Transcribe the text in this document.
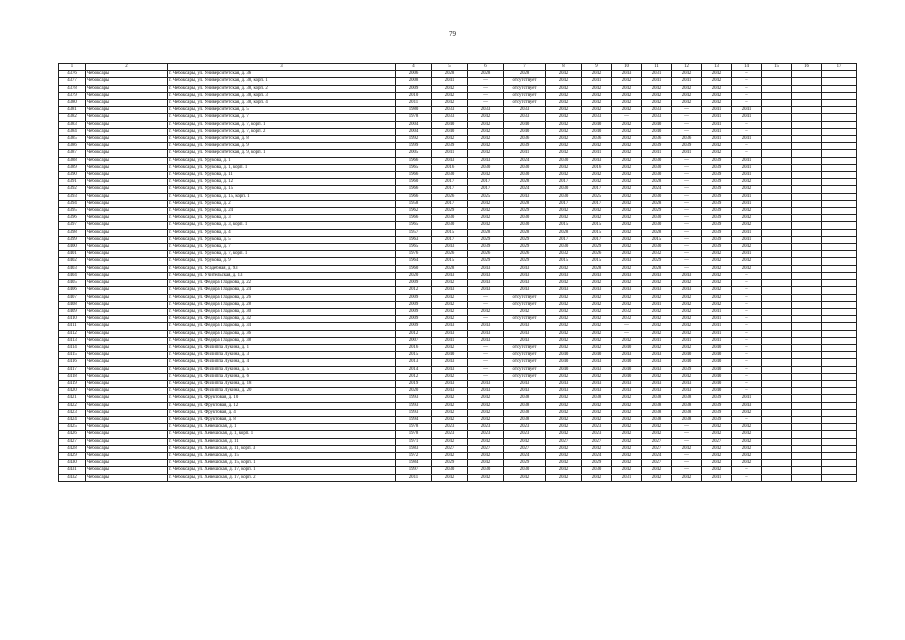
79
1	2	3	4	5	6	7	8	9	10	11	12	13	14	15	16	17
4376	Чебоксары	г. Чебоксары, ул. Университетская, д. 36	2006	2028	2028	2028	2042	2042	2043	2031	2042	2042	–			
4377	Чебоксары	г. Чебоксары, ул. Университетская, д. 38, корп. 1	2008	2041	—	отсутствует	2042	2041	2042	2041	2041	2042	–			
4378	Чебоксары	г. Чебоксары, ул. Университетская, д. 38, корп. 2	2009	2042	—	отсутствует	2042	2042	2042	2042	2042	2042	–			
4379	Чебоксары	г. Чебоксары, ул. Университетская, д. 38, корп. 3	2010	2042	—	отсутствует	2042	2042	2042	2042	2042	2042	–			
4380	Чебоксары	г. Чебоксары, ул. Университетская, д. 38, корп. 4	2011	2042	—	отсутствует	2042	2042	2042	2042	2042	2042	–			
4381	Чебоксары	г. Чебоксары, ул. Университетская, д. 5	1980	2033	2033	2033	2042	2042	2042	2033	—	2041	2041			
4382	Чебоксары	г. Чебоксары, ул. Университетская, д. 7	1978	2033	2042	2033	2042	2033	—	2033	—	2041	2041			
4383	Чебоксары	г. Чебоксары, ул. Университетская, д. 7, корп. 1	2004	2040	2042	2040	2042	2040	2042	2040	—	2041	–			
4384	Чебоксары	г. Чебоксары, ул. Университетская, д. 7, корп. 2	2004	2040	2042	2040	2042	2040	2042	2040	—	2041	–			
4385	Чебоксары	г. Чебоксары, ул. Университетская, д. 8	1992	2042	2042	2036	2042	2036	2042	2036	2036	2041	2041			
4386	Чебоксары	г. Чебоксары, ул. Университетская, д. 9	1999	2039	2042	2039	2042	2042	2042	2039	2039	2042	–			
4387	Чебоксары	г. Чебоксары, ул. Университетская, д. 9, корп. 1	2005	2041	2042	2041	2042	2041	2042	2041	2041	2042	–			
4388	Чебоксары	г. Чебоксары, ул. Урукова, д. 1	1966	2043	2043	2024	2030	2043	2042	2030	—	2039	2041			
4389	Чебоксары	г. Чебоксары, ул. Урукова, д. 1, корп. 1	1965	2016	2030	2030	2042	2016	2042	2030	—	2039	2041			
4390	Чебоксары	г. Чебоксары, ул. Урукова, д. 11	1966	2030	2042	2030	2042	2042	2042	2030	—	2039	2041			
4391	Чебоксары	г. Чебоксары, ул. Урукова, д. 12	1960	2017	2017	2028	2017	2042	2042	2028	—	2039	2042			
4392	Чебоксары	г. Чебоксары, ул. Урукова, д. 15	1966	2017	2017	2024	2030	2017	2042	2024	—	2039	2042			
4393	Чебоксары	г. Чебоксары, ул. Урукова, д. 15, корп. 1	1966	2026	2025	2043	2030	2025	2042	2030	—	2039	2041			
4394	Чебоксары	г. Чебоксары, ул. Урукова, д. 2	1958	2017	2042	2028	2017	2017	2042	2028	—	2039	2041			
4395	Чебоксары	г. Чебоксары, ул. Урукова, д. 24	1962	2029	2042	2029	2042	2042	2042	2029	—	2039	2042			
4396	Чебоксары	г. Чебоксары, ул. Урукова, д. 3	1966	2030	2042	2030	2042	2042	2042	2030	—	2039	2042			
4397	Чебоксары	г. Чебоксары, ул. Урукова, д. 3, корп. 1	1965	2030	2042	2030	2015	2015	2042	2030	—	2039	2042			
4398	Чебоксары	г. Чебоксары, ул. Урукова, д. 4	1957	2015	2028	2028	2028	2015	2042	2028	—	2039	2041			
4399	Чебоксары	г. Чебоксары, ул. Урукова, д. 5	1963	2017	2029	2029	2017	2017	2042	2015	—	2039	2041			
4400	Чебоксары	г. Чебоксары, ул. Урукова, д. 7	1965	2043	2039	2029	2030	2029	2042	2030	—	2039	2042			
4401	Чебоксары	г. Чебоксары, ул. Урукова, д. 7, корп. 1	1976	2026	2026	2026	2032	2026	2042	2032	—	2042	2041			
4402	Чебоксары	г. Чебоксары, ул. Урукова, д. 9	1964	2015	2029	2029	2015	2015	2043	2029	—	2042	2042			
4403	Чебоксары	г. Чебоксары, ул. Усадебная, д. 93	1960	2028	2043	2043	2042	2028	2042	2028	—	2042	2042			
4404	Чебоксары	г. Чебоксары, ул. Учительская, д. 13	2020	2043	2043	2043	2043	2043	2043	2043	2043	2042	–			
4405	Чебоксары	г. Чебоксары, ул. Федора Гладкова, д. 22	2009	2042	2043	2043	2042	2042	2042	2042	2042	2042	–			
4406	Чебоксары	г. Чебоксары, ул. Федора Гладкова, д. 24	2012	2043	2043	2043	2043	2043	2043	2043	2043	2042	–			
4407	Чебоксары	г. Чебоксары, ул. Федора Гладкова, д. 26	2009	2042	—	отсутствует	2042	2042	2042	2042	2042	2042	–			
4408	Чебоксары	г. Чебоксары, ул. Федора Гладкова, д. 28	2009	2042	—	отсутствует	2042	2042	2042	2041	2042	2042	–			
4409	Чебоксары	г. Чебоксары, ул. Федора Гладкова, д. 30	2009	2042	2042	2042	2042	2042	2032	2042	2042	2041	–			
4410	Чебоксары	г. Чебоксары, ул. Федора Гладкова, д. 32	2009	2042	—	отсутствует	2042	2042	2032	2042	2042	2041	–			
4411	Чебоксары	г. Чебоксары, ул. Федора Гладкова, д. 34	2009	2043	2043	2043	2042	2042	—	2042	2042	2041	–			
4412	Чебоксары	г. Чебоксары, ул. Федора Гладкова, д. 36	2012	2043	2043	2043	2042	2042	—	2042	2042	2041	–			
4413	Чебоксары	г. Чебоксары, ул. Федора Гладкова, д. 38	2007	2041	2043	2043	2042	2042	2042	2041	2041	2041	–			
4414	Чебоксары	г. Чебоксары, ул. Филиппа Лукина, д. 1	2016	2042	—	отсутствует	2042	2042	2040	2042	2042	2040	–			
4415	Чебоксары	г. Чебоксары, ул. Филиппа Лукина, д. 3	2015	2040	—	отсутствует	2040	2040	2043	2043	2040	2040	–			
4416	Чебоксары	г. Чебоксары, ул. Филиппа Лукина, д. 4	2013	2043	—	отсутствует	2040	2043	2040	2043	2040	2040	–			
4417	Чебоксары	г. Чебоксары, ул. Филиппа Лукина, д. 5	2014	2043	—	отсутствует	2040	2043	2040	2043	2039	2040	–			
4418	Чебоксары	г. Чебоксары, ул. Филиппа Лукина, д. 6	2012	2042	—	отсутствует	2042	2042	2040	2042	2042	2040	–			
4419	Чебоксары	г. Чебоксары, ул. Филиппа Лукина, д. 18	2019	2043	2043	2043	2043	2043	2043	2043	2043	2040	–			
4420	Чебоксары	г. Чебоксары, ул. Филиппа Лукина, д. 20	2020	2043	2043	2043	2043	2043	2043	2043	2043	2040	–			
4421	Чебоксары	г. Чебоксары, ул. Фруктовая, д. 10	1993	2042	2042	2038	2042	2038	2042	2038	2038	2039	2041			
4422	Чебоксары	г. Чебоксары, ул. Фруктовая, д. 12	1993	2042	2042	2038	2042	2042	2042	2038	2038	2039	2043			
4423	Чебоксары	г. Чебоксары, ул. Фруктовая, д. 4	1993	2042	2042	2038	2042	2042	2042	2038	2038	2039	2042			
4424	Чебоксары	г. Чебоксары, ул. Фруктовая, д. 8	1994	2042	2042	2038	2042	2042	2042	2038	2038	2039	–			
4425	Чебоксары	г. Чебоксары, ул. Хевешская, д. 1	1978	2023	2023	2023	2042	2023	2042	2042	—	2042	2042			
4426	Чебоксары	г. Чебоксары, ул. Хевешская, д. 1, корп. 1	1978	2023	2023	2023	2042	2023	2042	2042	—	2042	2042			
4427	Чебоксары	г. Чебоксары, ул. Хевешская, д. 11	1971	2042	2042	2042	2027	2027	2042	2027	—	2027	2042			
4428	Чебоксары	г. Чебоксары, ул. Хевешская, д. 11, корп. 3	1983	2027	2027	2027	2042	2042	2042	2027	2042	2042	2042			
4429	Чебоксары	г. Чебоксары, ул. Хевешская, д. 15	1972	2042	2042	2024	2042	2024	2042	2024	—	2042	2042			
4430	Чебоксары	г. Чебоксары, ул. Хевешская, д. 15, корп. 1	1984	2029	2042	2029	2042	2029	2042	2027	—	2042	2042			
4431	Чебоксары	г. Чебоксары, ул. Хевешская, д. 17, корп. 1	1997	2030	2030	2030	2042	2030	2042	2042	—	2042	–			
4432	Чебоксары	г. Чебоксары, ул. Хевешская, д. 17, корп. 2	2011	2042	2042	2042	2042	2042	2031	2042	2042	2041	–			
